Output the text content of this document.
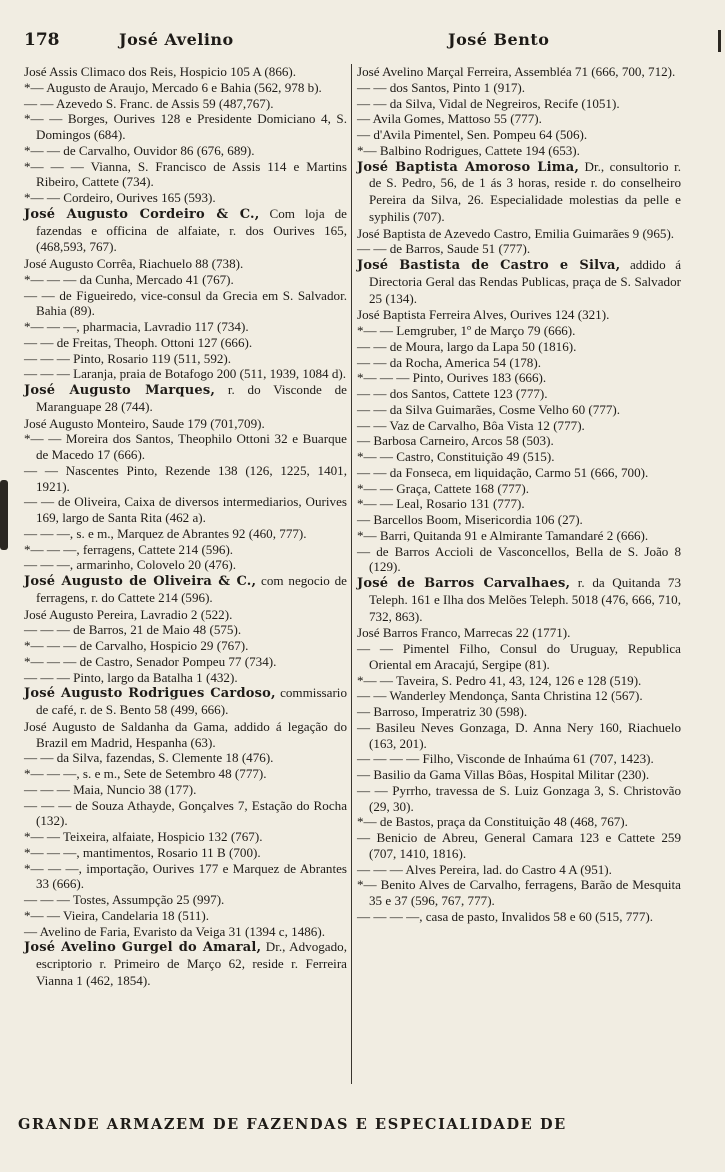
178	José Avelino	José Bento

José Assis Climaco dos Reis, Hospicio 105 A (866).

*— Augusto de Araujo, Mercado 6 e Bahia (562, 978 b).

— — Azevedo S. Franc. de Assis 59 (487,767).

*— — Borges, Ourives 128 e Presidente Domiciano 4, S. Domingos (684).

*— — de Carvalho, Ouvidor 86 (676, 689).

*— — — Vianna, S. Francisco de Assis 114 e Martins Ribeiro, Cattete (734).

*— — Cordeiro, Ourives 165 (593).

José Augusto Cordeiro & C., Com loja de fazendas e officina de alfaiate, r. dos Ourives 165, (468,593, 767).

José Augusto Corrêa, Riachuelo 88 (738).

*— — — da Cunha, Mercado 41 (767).

— — de Figueiredo, vice-consul da Grecia em S. Salvador. Bahia (89).

*— — —, pharmacia, Lavradio 117 (734).

— — de Freitas, Theoph. Ottoni 127 (666).

— — — Pinto, Rosario 119 (511, 592).

— — — Laranja, praia de Botafogo 200 (511, 1939, 1084 d).

José Augusto Marques, r. do Visconde de Maranguape 28 (744).

José Augusto Monteiro, Saude 179 (701,709).

*— — Moreira dos Santos, Theophilo Ottoni 32 e Buarque de Macedo 17 (666).

— — Nascentes Pinto, Rezende 138 (126, 1225, 1401, 1921).

— — de Oliveira, Caixa de diversos intermediarios, Ourives 169, largo de Santa Rita (462 a).

— — —, s. e m., Marquez de Abrantes 92 (460, 777).

*— — —, ferragens, Cattete 214 (596).

— — —, armarinho, Colovelo 20 (476).

José Augusto de Oliveira & C., com negocio de ferragens, r. do Cattete 214 (596).

José Augusto Pereira, Lavradio 2 (522).

— — — de Barros, 21 de Maio 48 (575).

*— — — de Carvalho, Hospicio 29 (767).

*— — — de Castro, Senador Pompeu 77 (734).

— — — Pinto, largo da Batalha 1 (432).

José Augusto Rodrigues Cardoso, commissario de café, r. de S. Bento 58 (499, 666).

José Augusto de Saldanha da Gama, addido á legação do Brazil em Madrid, Hespanha (63).

— — da Silva, fazendas, S. Clemente 18 (476).

*— — —, s. e m., Sete de Setembro 48 (777).

— — — Maia, Nuncio 38 (177).

— — — de Souza Athayde, Gonçalves 7, Estação do Rocha (132).

*— — Teixeira, alfaiate, Hospicio 132 (767).

*— — —, mantimentos, Rosario 11 B (700).

*— — —, importação, Ourives 177 e Marquez de Abrantes 33 (666).

— — — Tostes, Assumpção 25 (997).

*— — Vieira, Candelaria 18 (511).

— Avelino de Faria, Evaristo da Veiga 31 (1394 c, 1486).

José Avelino Gurgel do Amaral, Dr., Advogado, escriptorio r. Primeiro de Março 62, reside r. Ferreira Vianna 1 (462, 1854).

José Avelino Marçal Ferreira, Assembléa 71 (666, 700, 712).

— — dos Santos, Pinto 1 (917).

— — da Silva, Vidal de Negreiros, Recife (1051).

— Avila Gomes, Mattoso 55 (777).

— d'Avila Pimentel, Sen. Pompeu 64 (506).

*— Balbino Rodrigues, Cattete 194 (653).

José Baptista Amoroso Lima, Dr., consultorio r. de S. Pedro, 56, de 1 ás 3 horas, reside r. do conselheiro Pereira da Silva, 26. Especialidade molestias da pelle e syphilis (707).

José Baptista de Azevedo Castro, Emilia Guimarães 9 (965).

— — de Barros, Saude 51 (777).

José Bastista de Castro e Silva, addido á Directoria Geral das Rendas Publicas, praça de S. Salvador 25 (134).

José Baptista Ferreira Alves, Ourives 124 (321).

*— — Lemgruber, 1º de Março 79 (666).

— — de Moura, largo da Lapa 50 (1816).

— — da Rocha, America 54 (178).

*— — — Pinto, Ourives 183 (666).

— — dos Santos, Cattete 123 (777).

— — da Silva Guimarães, Cosme Velho 60 (777).

— — Vaz de Carvalho, Bôa Vista 12 (777).

— Barbosa Carneiro, Arcos 58 (503).

*— — Castro, Constituição 49 (515).

— — da Fonseca, em liquidação, Carmo 51 (666, 700).

*— — Graça, Cattete 168 (777).

*— — Leal, Rosario 131 (777).

— Barcellos Boom, Misericordia 106 (27).

*— Barri, Quitanda 91 e Almirante Tamandaré 2 (666).

— de Barros Accioli de Vasconcellos, Bella de S. João 8 (129).

José de Barros Carvalhaes, r. da Quitanda 73 Teleph. 161 e Ilha dos Melões Teleph. 5018 (476, 666, 710, 732, 863).

José Barros Franco, Marrecas 22 (1771).

— — Pimentel Filho, Consul do Uruguay, Republica Oriental em Aracajú, Sergipe (81).

*— — Taveira, S. Pedro 41, 43, 124, 126 e 128 (519).

— — Wanderley Mendonça, Santa Christina 12 (567).

— Barroso, Imperatriz 30 (598).

— Basileu Neves Gonzaga, D. Anna Nery 160, Riachuelo (163, 201).

— — — — Filho, Visconde de Inhaúma 61 (707, 1423).

— Basilio da Gama Villas Bôas, Hospital Militar (230).

— — Pyrrho, travessa de S. Luiz Gonzaga 3, S. Christovão (29, 30).

*— de Bastos, praça da Constituição 48 (468, 767).

— Benicio de Abreu, General Camara 123 e Cattete 259 (707, 1410, 1816).

— — — Alves Pereira, lad. do Castro 4 A (951).

*— Benito Alves de Carvalho, ferragens, Barão de Mesquita 35 e 37 (596, 767, 777).

— — — —, casa de pasto, Invalidos 58 e 60 (515, 777).

GRANDE ARMAZEM DE FAZENDAS E ESPECIALIDADE DE
